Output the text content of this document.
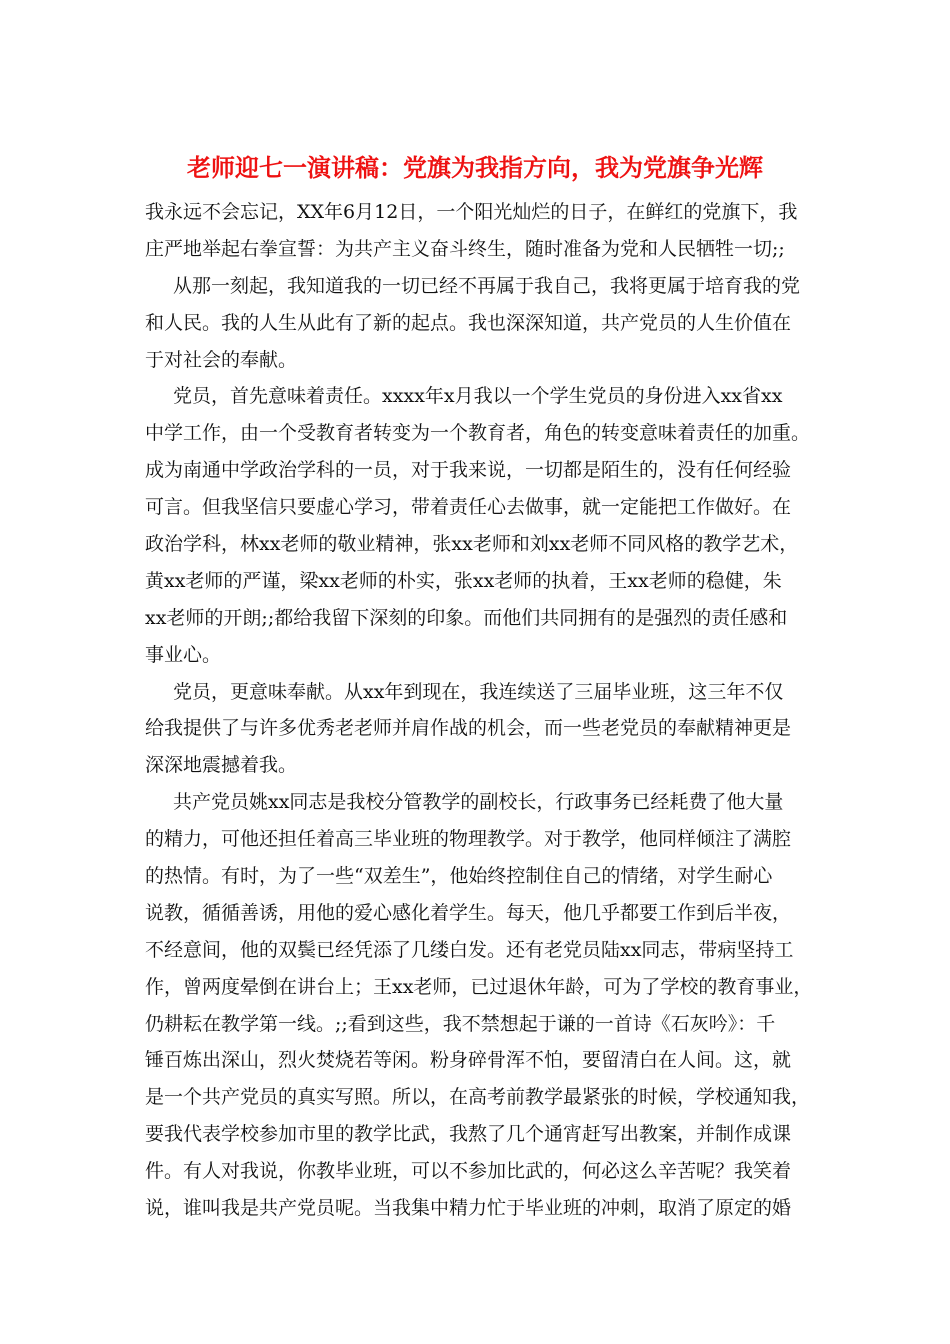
老师迎七一演讲稿：党旗为我指方向，我为党旗争光辉
我永远不会忘记，XX年6月12日，一个阳光灿烂的日子，在鲜红的党旗下，我
庄严地举起右拳宣誓：为共产主义奋斗终生，随时准备为党和人民牺牲一切;;
从那一刻起，我知道我的一切已经不再属于我自己，我将更属于培育我的党
和人民。我的人生从此有了新的起点。我也深深知道，共产党员的人生价值在
于对社会的奉献。
党员，首先意味着责任。xxxx年x月我以一个学生党员的身份进入xx省xx
中学工作，由一个受教育者转变为一个教育者，角色的转变意味着责任的加重。
成为南通中学政治学科的一员，对于我来说，一切都是陌生的，没有任何经验
可言。但我坚信只要虚心学习，带着责任心去做事，就一定能把工作做好。在
政治学科，林xx老师的敬业精神，张xx老师和刘xx老师不同风格的教学艺术，
黄xx老师的严谨，梁xx老师的朴实，张xx老师的执着，王xx老师的稳健，朱
xx老师的开朗;;都给我留下深刻的印象。而他们共同拥有的是强烈的责任感和
事业心。
党员，更意味奉献。从xx年到现在，我连续送了三届毕业班，这三年不仅
给我提供了与许多优秀老老师并肩作战的机会，而一些老党员的奉献精神更是
深深地震撼着我。
共产党员姚xx同志是我校分管教学的副校长，行政事务已经耗费了他大量
的精力，可他还担任着高三毕业班的物理教学。对于教学，他同样倾注了满腔
的热情。有时，为了一些“双差生”，他始终控制住自己的情绪，对学生耐心
说教，循循善诱，用他的爱心感化着学生。每天，他几乎都要工作到后半夜，
不经意间，他的双鬓已经凭添了几缕白发。还有老党员陆xx同志，带病坚持工
作，曾两度晕倒在讲台上；王xx老师，已过退休年龄，可为了学校的教育事业，
仍耕耘在教学第一线。;;看到这些，我不禁想起于谦的一首诗《石灰吟》：千
锤百炼出深山，烈火焚烧若等闲。粉身碎骨浑不怕，要留清白在人间。这，就
是一个共产党员的真实写照。所以，在高考前教学最紧张的时候，学校通知我，
要我代表学校参加市里的教学比武，我熬了几个通宵赶写出教案，并制作成课
件。有人对我说，你教毕业班，可以不参加比武的，何必这么辛苦呢？我笑着
说，谁叫我是共产党员呢。当我集中精力忙于毕业班的冲刺，取消了原定的婚
